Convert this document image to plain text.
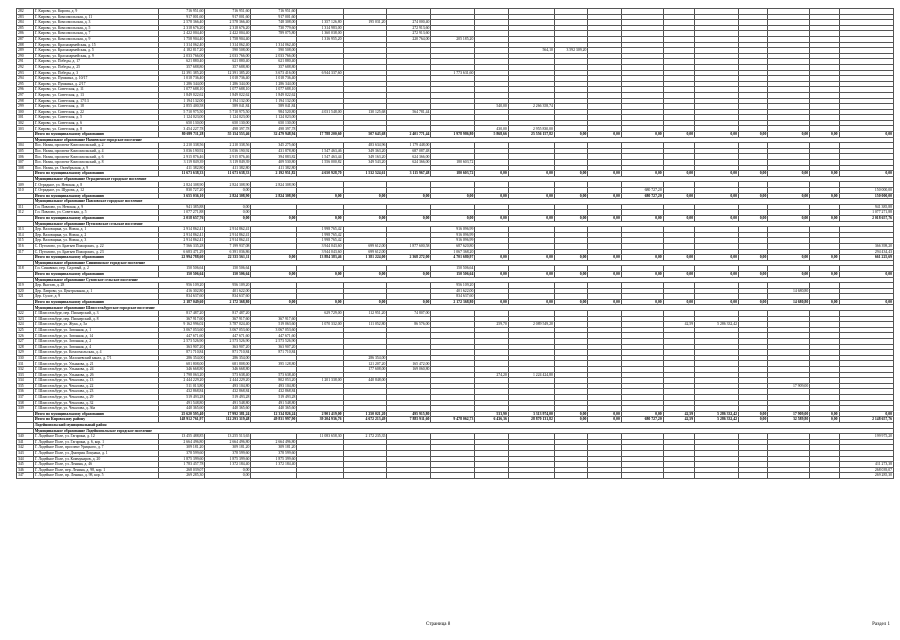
282	Г. Кирово, ул. Кирова, д. 9	716 951,60	716 951,60	716 951,60															
283	Г. Кирово, ул. Комсомольская, д. 11	917 001,60	917 001,60	917 001,60															
284	Г. Кирово, ул. Комсомольская, д. 3	2 578 366,40	2 578 366,40	748 308,00	1 357 126,80	195 031,20	274 000,40												
285	Г. Кирово, ул. Комсомольская, д. 5	2 318 676,20	2 318 676,20	730 779,60	1 314 983,00		272 913,60												
286	Г. Кирово, ул. Комсомольская, д. 7	2 422 004,40	2 422 004,40	789 075,80	1 360 038,00		272 913,60												
287	Г. Кирово, ул. Комсомольская, д. 9	1 758 904,40	1 758 904,40		1 316 955,20		220 764,00	205 185,20											
288	Г. Кирово, ул. Красноармейская, д. 15	1 314 062,40	1 314 062,40	1 314 062,40															
289	Г. Кирово, ул. Красноармейская, д. 5	4 182 817,20	590 508,00	590 508,00						564,10	3 592 309,20								
290	Г. Кирово, ул. Красноармейская, д. 9	2 033 766,00	2 033 766,00	2 033 766,00															
291	Г. Кирово, ул. Победы, д. 17	621 880,40	621 880,40	621 880,40															
292	Г. Кирово, ул. Победы, д. 25	357 688,80	357 688,80	357 688,80															
293	Г. Кирово, ул. Победы, д. 3	12 391 385,20	12 391 385,20	3 673 416,00	6 944 337,60			1 773 631,60											
294	Г. Кирово, ул. Пушкина, д. 10/17	1 018 736,40	1 018 736,40	1 018 736,40															
295	Г. Кирово, ул. Пушкина, д. 2/17	1 286 344,00	1 286 344,00	1 286 344,00															
296	Г. Кирово, ул. Советская, д. 11	1 077 688,10	1 077 688,10	1 077 688,10															
297	Г. Кирово, ул. Советская, д. 13	1 849 022,62	1 849 022,62	1 849 022,62															
298	Г. Кирово, ул. Советская, д. 17/13	1 194 132,00	1 194 132,00	1 194 132,00															
299	Г. Кирово, ул. Советская, д. 18	2 855 400,58	589 041,84	589 041,84					540,00	2 266 358,74									
300	Г. Кирово, ул. Советская, д. 22	5 710 975,50	5 710 975,50	984 520,80	4 031 548,00	130 125,68	564 781,44												
301	Г. Кирово, ул. Советская, д. 5	1 124 023,00	1 124 023,00	1 124 023,00															
302	Г. Кирово, ул. Советская, д. 6	650 130,00	650 130,00	650 130,00															
303	Г. Кирово, ул. Советская, д. 8	3 454 227,78	498 397,78	498 397,78					430,00	2 955 830,00									
	Итого по муниципальному образованию	80 699 711,28	55 154 553,46	32 479 948,94	17 788 200,60	507 643,68	2 401 771,44	1 978 986,80	5 868,66	25 556 157,82	0,00	0,00	0,00	0,00	0,00	0,00	0,00	0,00	0,00
	Муниципальное образование Назиевское городское поселение																		
304	Пос. Назия, проспект Комсомольский, д. 2	2 210 338,56	2 210 338,56	345 275,60		483 634,96	1 179 448,00												
305	Пос. Назия, проспект Комсомольский, д. 4	3 036 190,92	3 036 190,92	431 878,80	1 547 463,46	349 363,20	687 087,48												
306	Пос. Назия, проспект Комсомольский, д. 6	2 915 876,46	2 915 876,46	394 883,82	1 547 463,44	349 163,20	624 366,00												
307	Пос. Назия, проспект Комсомольский, д. 8	3 119 849,39	3 119 849,39	409 530,80	1 556 000,82	349 543,20	624 366,00	180 603,72											
308	Пос. Назия, ул. Октябрьская, д. 9	411 382,80	411 382,80	411 382,80															
	Итого по муниципальному образованию	11 673 638,33	11 673 638,33	2 192 951,82	4 650 928,70	1 532 524,61	3 115 967,48	180 603,72	0,00	0,00	0,00	0,00	0,00	0,00	0,00	0,00	0,00	0,00	0,00
	Муниципальное образование Отрадненское городское поселение																		
309	Г. Отрадное, ул. Невская, д. 8	2 824 308,90	2 824 308,90	2 824 308,90															
310	Г. Отрадное, ул. Щурова, д. 12	830 727,20	0,00										680 727,20						150 000,00
	Итого по муниципальному образованию	3 655 036,10	2 824 308,90	2 824 308,90	0,00	0,00	0,00	0,00	0,00	0,00	0,00	0,00	680 727,20	0,00	0,00	0,00	0,00	0,00	150 000,00
	Муниципальное образование Павловское городское поселение																		
311	Г.п. Павлово, ул. Невская, д. 9	941 385,88	0,00																941 385,88
312	Г.п. Павлово, ул. Советская, д. 5	1 077 271,88	0,00																1 077 271,88
	Итого по муниципальному образованию	2 018 657,76	0,00	0,00	0,00	0,00	0,00	0,00	0,00	0,00	0,00	0,00	0,00	0,00	0,00	0,00	0,00	0,00	2 018 657,76
	Муниципальное образование Путиловское сельское поселение																		
313	Дер. Валовщина, ул. Новая, д. 1	2 914 862,41	2 914 862,41		1 998 765,42			916 096,99											
314	Дер. Валовщина, ул. Новая, д. 2	2 914 862,41	2 914 862,41		1 998 765,42			916 096,99											
315	Дер. Валовщина, ул. Новая, д. 3	2 914 862,41	2 914 862,41		1 998 765,42			916 096,99											
316	С. Путилово, ул. Братьев Пожарских, д. 22	7 566 335,28	7 199 937,08		3 944 043,60	699 612,00	1 877 600,58	687 620,80											366 398,20
317	С. Путилово, ул. Братьев Пожарских, д. 23	6 683 471,29	6 391 036,86		3 944 043,60	699 612,00		1 067 368,20											294 434,43
	Итого по муниципальному образованию	22 994 788,60	22 335 561,11	0,00	13 884 383,46	1 381 224,00	2 368 272,00	4 701 680,97	0,00	0,00	0,00	0,00	0,00	0,00	0,00	0,00	0,00	0,00	661 225,69
	Муниципальное образование Синявинское городское поселение																		
318	Г.п. Синявино, пер. Садовый, д. 2	150 506,64	150 506,64					150 506,64											
	Итого по муниципальному образованию	150 506,64	150 506,64	0,00	0,00	0,00	0,00	150 506,64	0,00	0,00	0,00	0,00	0,00	0,00	0,00	0,00	0,00	0,00	0,00
	Муниципальное образование Суховское сельское поселение																		
319	Дер. Выстав, д. 28	956 109,20	956 109,20					956 109,20											
320	Дер. Лаврово, ул. Центральная, д. 1	416 302,80	401 622,00					401 622,00									14 680,80		
321	Дер. Сухое, д. 9	834 637,60	834 637,60					834 637,60											
	Итого по муниципальному образованию	2 187 049,60	2 172 368,80	0,00	0,00	0,00	0,00	2 172 368,80	0,00	0,00	0,00	0,00	0,00	0,00	0,00	0,00	14 680,80	0,00	0,00
	Муниципальное образование Шлиссельбургское городское поселение																		
322	Г. Шлиссельбург, пер. Пионерский, д. 3	817 487,20	817 487,20		629 729,00	112 951,20	74 807,00												
323	Г. Шлиссельбург, пер. Пионерский, д. 8	367 917,60	367 917,60	367 917,60															
324	Г. Шлиссельбург, ул. Жука, д. 5а	9 162 996,02	3 787 024,40	519 063,60	1 070 332,00	111 052,80	86 576,00		259,70	2 089 549,20				42,59	5 286 332,42				
325	Г. Шлиссельбург, ул. Затонная, д. 1	3 067 053,60	3 067 053,60	3 067 053,60															
326	Г. Шлиссельбург, ул. Затонная, д. 14	447 671,60	447 671,60	447 671,60															
327	Г. Шлиссельбург, ул. Затонная, д. 2	2 573 526,90	2 573 526,90	2 573 526,90															
328	Г. Шлиссельбург, ул. Затонная, д. 4	363 907,20	363 907,20	363 907,20															
329	Г. Шлиссельбург, ул. Комсомольская, д. 4	871 710,84	871 710,84	871 710,84															
330	Г. Шлиссельбург, ул. Малоневский канал, д. 7/1	286 354,00	286 354,00			286 354,00													
331	Г. Шлиссельбург, ул. Ульянова, д. 21	681 808,00	681 808,00	395 128,80		121 207,20	165 472,00												
332	Г. Шлиссельбург, ул. Ульянова, д. 24	346 668,80	346 668,80			177 608,00	169 060,80												
333	Г. Шлиссельбург, ул. Ульянова, д. 26	1 798 063,20	573 638,40	573 638,40					274,20	1 224 424,80									
334	Г. Шлиссельбург, ул. Чекалова, д. 13	2 444 229,20	2 444 229,20	802 053,20	1 201 338,00	440 848,00													
335	Г. Шлиссельбург, ул. Чекалова, д. 22	511 013,80	493 104,80	493 104,80													17 909,00		
336	Г. Шлиссельбург, ул. Чекалова, д. 23	432 868,84	432 868,84	432 868,84															
337	Г. Шлиссельбург, ул. Чекалова, д. 29	519 493,28	519 493,28	519 493,28															
338	Г. Шлиссельбург, ул. Чекалова, д. 32	491 548,80	491 548,80	491 548,80															
339	Г. Шлиссельбург, ул. Чекалова, д. 36а	440 365,60	440 365,60	440 365,60															
	Итого по муниципальному образованию	25 620 595,40	17 992 381,24	12 334 826,24	2 901 419,00	1 250 021,20	495 915,80		533,90	3 313 974,00	0,00	0,00	0,00	42,59	5 286 332,42	0,00	17 909,00	0,00	0,00
	Итого по Кировскому району	148 912 761,97	112 293 319,48	49 831 997,90	39 204 936,76	4 672 213,49	7 885 911,60	9 478 062,73	6 436,36	28 870 131,82	0,00	0,00	680 727,20	42,59	5 286 332,42	0,00	32 589,80	0,00	2 148 657,76
	Лодейнопольский муниципальный район																		
	Муниципальное образование Лодейнопольское городское поселение																		
340	Г. Лодейное Поле, ул. Гагарина, д. 12	13 455 488,85	13 255 513,65		11 083 658,30	2 172 235,35													199 975,20
341	Г. Лодейное Поле, ул. Гагарина, д. 6, кор. 1	2 664 496,80	2 664 496,80	2 664 496,80															
342	Г. Лодейное Поле, проспект Урицкого, д. 7	309 181,20	309 181,20	309 181,20															
343	Г. Лодейное Поле, ул. Дмитрия Лоцмана, д. 1	378 599,60	378 599,60	378 599,60															
344	Г. Лодейное Поле, ул. Коммунаров, д. 20	1 875 399,60	1 875 399,60	1 875 399,60															
345	Г. Лодейное Поле, ул. Ленина, д. 46	1 783 457,78	1 372 184,40	1 372 184,40															411 273,38
346	Г. Лодейное Поле, пер. Ленина, д. 98, кор. 1	268 039,07	0,00																268 039,07
347	Г. Лодейное Поле, пр. Ленина, д. 98, кор. 5	269 285,30	0,00																269 285,30
Страница 8	Раздел 1
